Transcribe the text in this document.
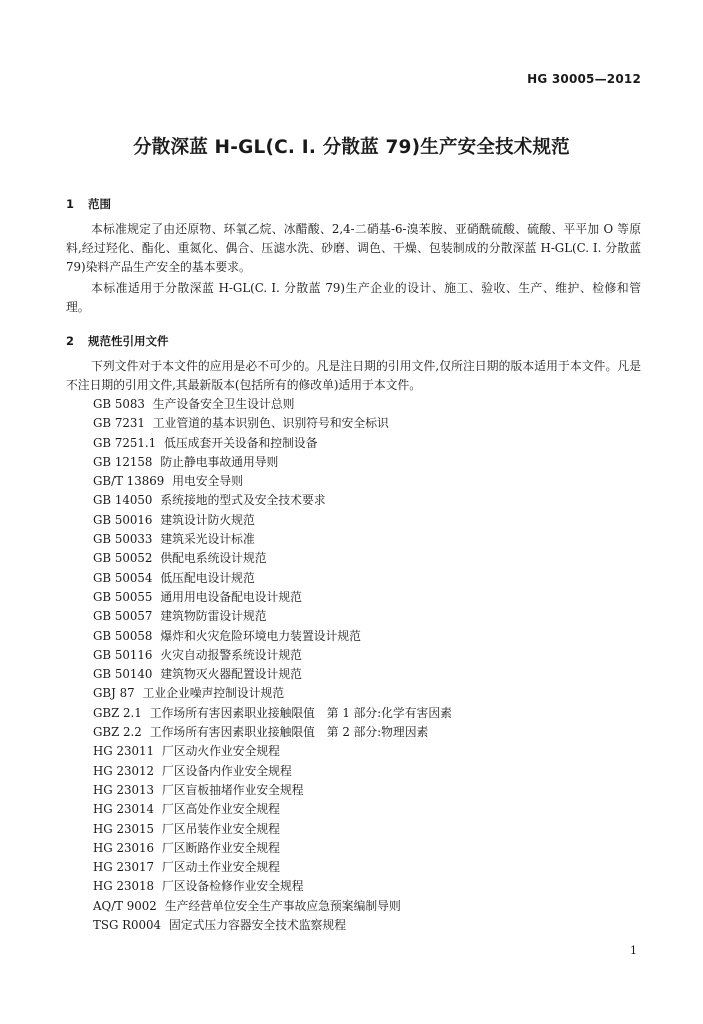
HG 30005—2012
分散深蓝 H-GL(C. I. 分散蓝 79)生产安全技术规范
1 范围

本标准规定了由还原物、环氧乙烷、冰醋酸、2,4-二硝基-6-溴苯胺、亚硝酰硫酸、硫酸、平平加 O 等原料,经过羟化、酯化、重氮化、偶合、压滤水洗、砂磨、调色、干燥、包装制成的分散深蓝 H-GL(C. I. 分散蓝 79)染料产品生产安全的基本要求。

本标准适用于分散深蓝 H-GL(C. I. 分散蓝 79)生产企业的设计、施工、验收、生产、维护、检修和管理。

2 规范性引用文件

下列文件对于本文件的应用是必不可少的。凡是注日期的引用文件,仅所注日期的版本适用于本文件。凡是不注日期的引用文件,其最新版本(包括所有的修改单)适用于本文件。

GB 5083 生产设备安全卫生设计总则
GB 7231 工业管道的基本识别色、识别符号和安全标识
GB 7251.1 低压成套开关设备和控制设备
GB 12158 防止静电事故通用导则
GB/T 13869 用电安全导则
GB 14050 系统接地的型式及安全技术要求
GB 50016 建筑设计防火规范
GB 50033 建筑采光设计标准
GB 50052 供配电系统设计规范
GB 50054 低压配电设计规范
GB 50055 通用用电设备配电设计规范
GB 50057 建筑物防雷设计规范
GB 50058 爆炸和火灾危险环境电力装置设计规范
GB 50116 火灾自动报警系统设计规范
GB 50140 建筑物灭火器配置设计规范
GBJ 87 工业企业噪声控制设计规范
GBZ 2.1 工作场所有害因素职业接触限值　第 1 部分:化学有害因素
GBZ 2.2 工作场所有害因素职业接触限值　第 2 部分:物理因素
HG 23011 厂区动火作业安全规程
HG 23012 厂区设备内作业安全规程
HG 23013 厂区盲板抽堵作业安全规程
HG 23014 厂区高处作业安全规程
HG 23015 厂区吊装作业安全规程
HG 23016 厂区断路作业安全规程
HG 23017 厂区动土作业安全规程
HG 23018 厂区设备检修作业安全规程
AQ/T 9002 生产经营单位安全生产事故应急预案编制导则
TSG R0004 固定式压力容器安全技术监察规程
1
